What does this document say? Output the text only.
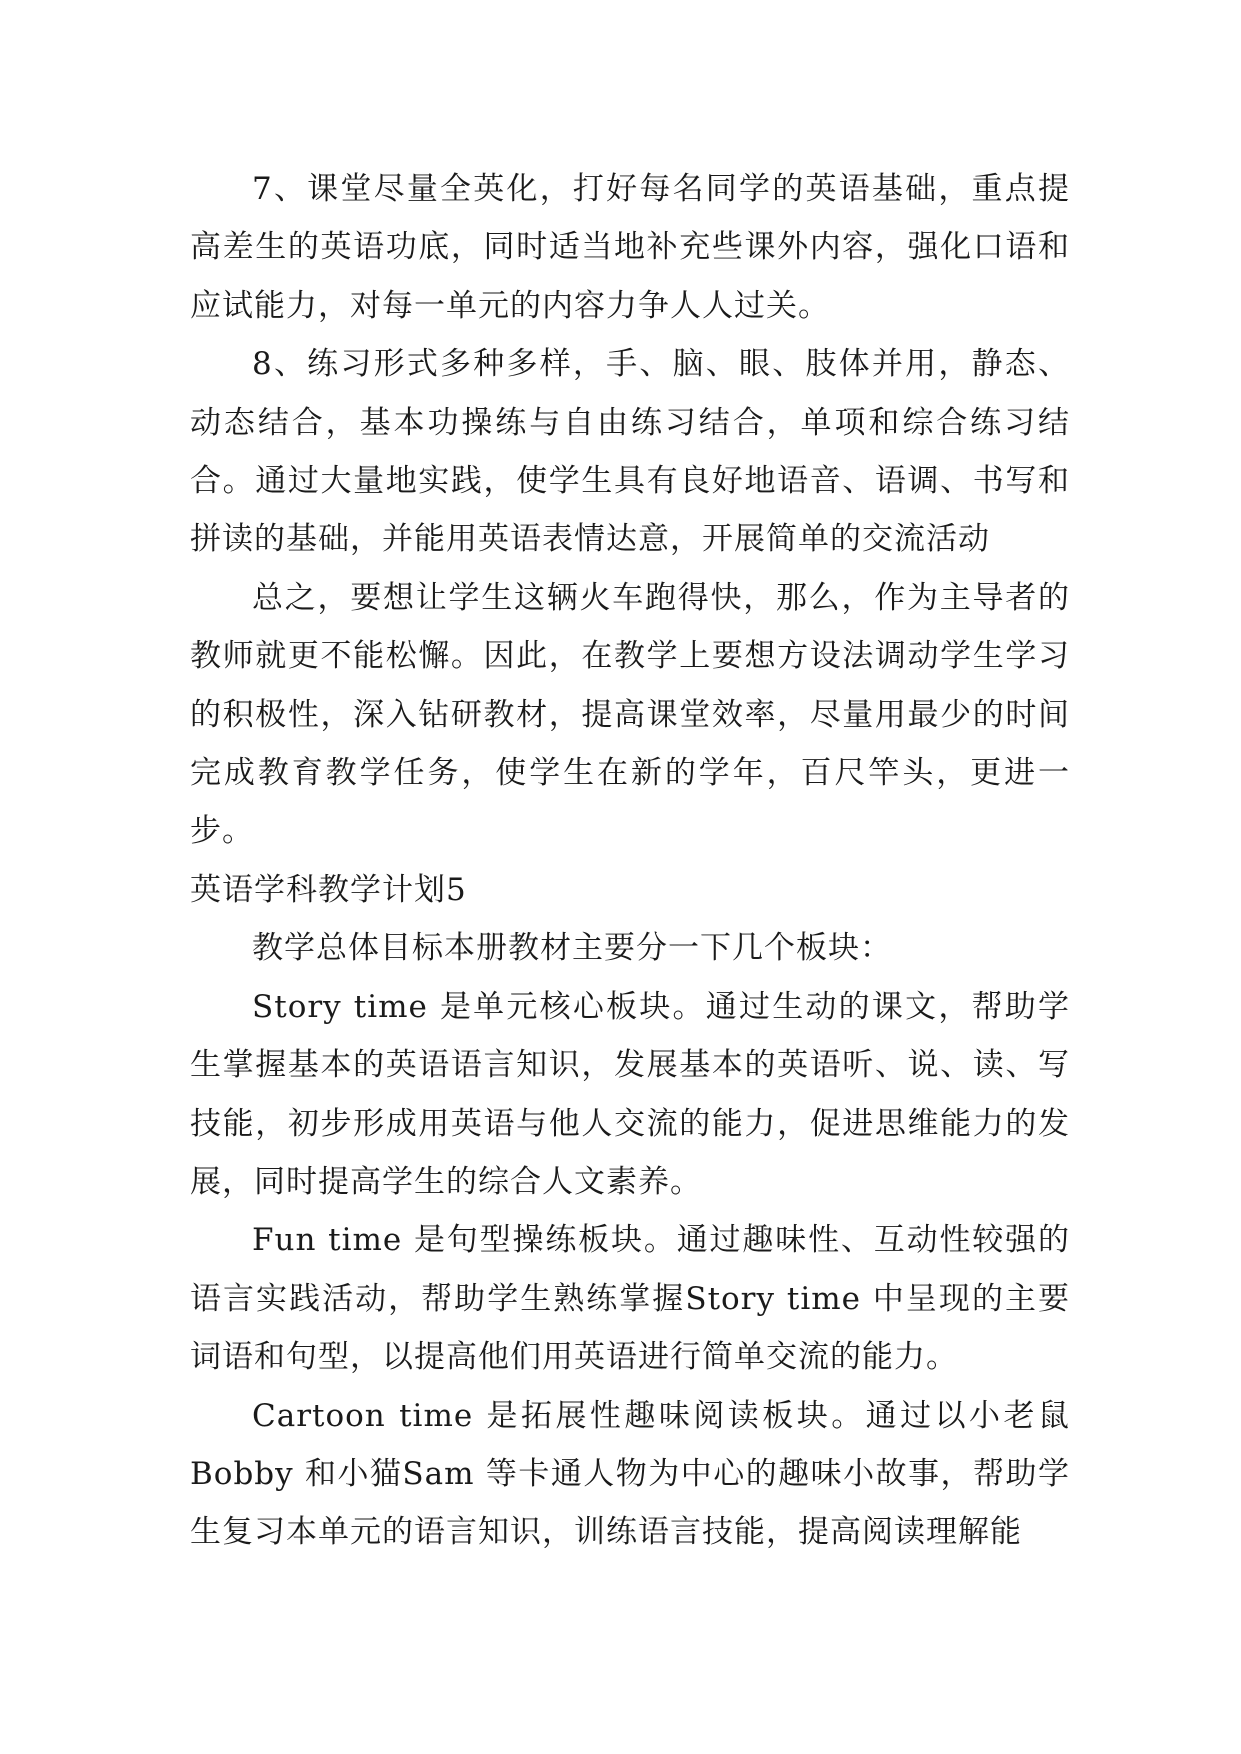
7、课堂尽量全英化，打好每名同学的英语基础，重点提高差生的英语功底，同时适当地补充些课外内容，强化口语和应试能力，对每一单元的内容力争人人过关。

8、练习形式多种多样，手、脑、眼、肢体并用，静态、动态结合，基本功操练与自由练习结合，单项和综合练习结合。通过大量地实践，使学生具有良好地语音、语调、书写和拼读的基础，并能用英语表情达意，开展简单的交流活动

总之，要想让学生这辆火车跑得快，那么，作为主导者的教师就更不能松懈。因此，在教学上要想方设法调动学生学习的积极性，深入钻研教材，提高课堂效率，尽量用最少的时间完成教育教学任务，使学生在新的学年，百尺竿头，更进一步。

英语学科教学计划5

教学总体目标本册教材主要分一下几个板块：

Story time 是单元核心板块。通过生动的课文，帮助学生掌握基本的英语语言知识，发展基本的英语听、说、读、写技能，初步形成用英语与他人交流的能力，促进思维能力的发展，同时提高学生的综合人文素养。

Fun time 是句型操练板块。通过趣味性、互动性较强的语言实践活动，帮助学生熟练掌握Story time 中呈现的主要词语和句型，以提高他们用英语进行简单交流的能力。

Cartoon time 是拓展性趣味阅读板块。通过以小老鼠Bobby 和小猫Sam 等卡通人物为中心的趣味小故事，帮助学生复习本单元的语言知识，训练语言技能，提高阅读理解能
